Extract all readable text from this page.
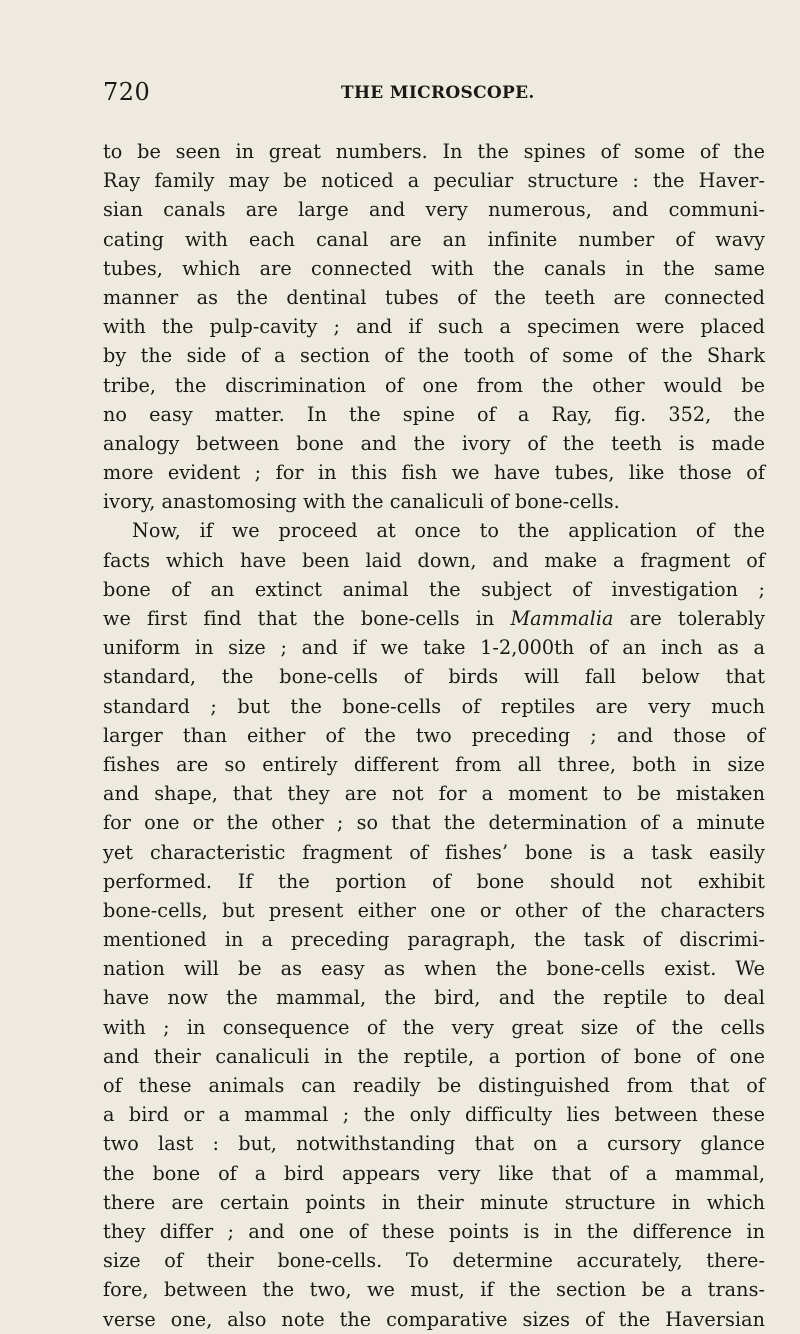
720	THE MICROSCOPE.
to be seen in great numbers. In the spines of some of the
Ray family may be noticed a peculiar structure : the Haver-
sian canals are large and very numerous, and communi-
cating with each canal are an infinite number of wavy
tubes, which are connected with the canals in the same
manner as the dentinal tubes of the teeth are connected
with the pulp-cavity ; and if such a specimen were placed
by the side of a section of the tooth of some of the Shark
tribe, the discrimination of one from the other would be
no easy matter. In the spine of a Ray, fig. 352, the
analogy between bone and the ivory of the teeth is made
more evident ; for in this fish we have tubes, like those of
ivory, anastomosing with the canaliculi of bone-cells.
Now, if we proceed at once to the application of the
facts which have been laid down, and make a fragment of
bone of an extinct animal the subject of investigation ;
we first find that the bone-cells in Mammalia are tolerably
uniform in size ; and if we take 1-2,000th of an inch as a
standard, the bone-cells of birds will fall below that
standard ; but the bone-cells of reptiles are very much
larger than either of the two preceding ; and those of
fishes are so entirely different from all three, both in size
and shape, that they are not for a moment to be mistaken
for one or the other ; so that the determination of a minute
yet characteristic fragment of fishes’ bone is a task easily
performed. If the portion of bone should not exhibit
bone-cells, but present either one or other of the characters
mentioned in a preceding paragraph, the task of discrimi-
nation will be as easy as when the bone-cells exist. We
have now the mammal, the bird, and the reptile to deal
with ; in consequence of the very great size of the cells
and their canaliculi in the reptile, a portion of bone of one
of these animals can readily be distinguished from that of
a bird or a mammal ; the only difficulty lies between these
two last : but, notwithstanding that on a cursory glance
the bone of a bird appears very like that of a mammal,
there are certain points in their minute structure in which
they differ ; and one of these points is in the difference in
size of their bone-cells. To determine accurately, there-
fore, between the two, we must, if the section be a trans-
verse one, also note the comparative sizes of the Haversian
